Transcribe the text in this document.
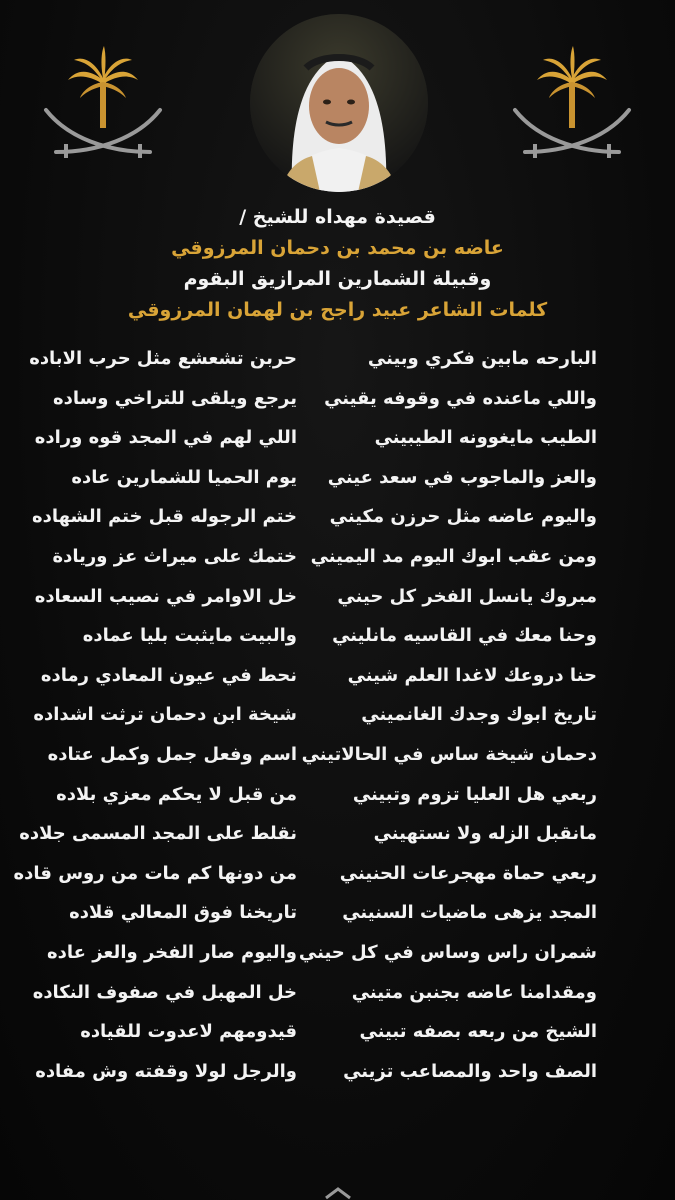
قصيدة مهداه للشيخ /
عاضه بن محمد بن دحمان المرزوقي
وقبيلة الشمارين المرازيق البقوم
كلمات الشاعر عبيد راجح بن لهمان المرزوقي
البارحه مابين فكري وبيني
حربن تشعشع مثل حرب الاباده
واللي ماعنده في وقوفه يقيني
يرجع ويلقى للتراخي وساده
الطيب مايغوونه الطيبيني
اللي لهم في المجد قوه وراده
والعز والماجوب في سعد عيني
يوم الحميا للشمارين عاده
واليوم عاضه مثل حرزن مكيني
ختم الرجوله قبل ختم الشهاده
ومن عقب ابوك اليوم مد اليميني
ختمك على ميراث عز وريادة
مبروك يانسل الفخر كل حيني
خل الاوامر في نصيب السعاده
وحنا معك في القاسيه مانليني
والبيت مايثبت بليا عماده
حنا دروعك لاغدا العلم شيني
نحط في عيون المعادي رماده
تاريخ ابوك وجدك الغانميني
شيخة ابن دحمان ترثت اشداده
دحمان شيخة ساس في الحالاتيني
اسم وفعل جمل وكمل عتاده
ربعي هل العليا تزوم وتبيني
من قبل لا يحكم معزي بلاده
مانقبل الزله ولا نستهيني
نقلط على المجد المسمى جلاده
ربعي حماة مهجرعات الحنيني
من دونها كم مات من روس قاده
المجد يزهى ماضيات السنيني
تاريخنا فوق المعالي قلاده
شمران راس وساس في كل حيني
واليوم صار الفخر والعز عاده
ومقدامنا عاضه بجنبن متيني
خل المهبل في صفوف النكاده
الشيخ من ربعه بصفه تبيني
قيدومهم لاعدوت للقياده
الصف واحد والمصاعب تزيني
والرجل لولا وقفته وش مفاده
